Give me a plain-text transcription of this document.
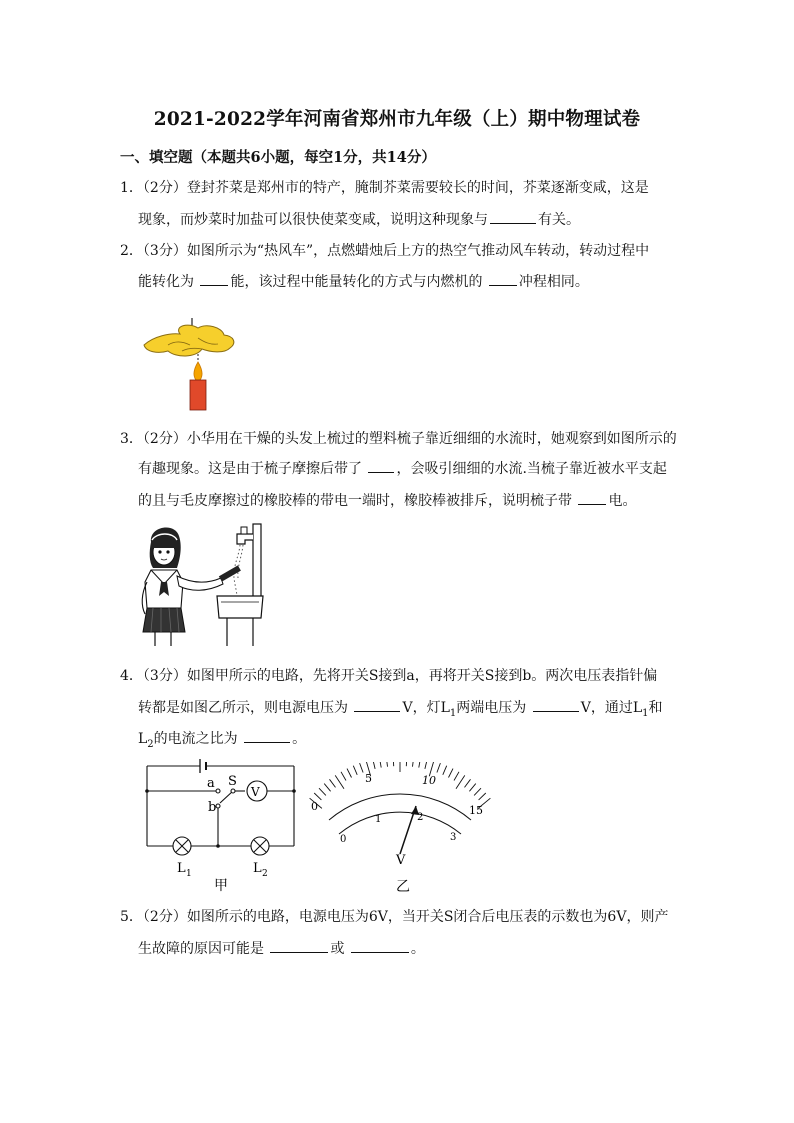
2021-2022学年河南省郑州市九年级（上）期中物理试卷
一、填空题（本题共6小题，每空1分，共14分）
1．（2分）登封芥菜是郑州市的特产，腌制芥菜需要较长的时间，芥菜逐渐变咸，这是
现象，而炒菜时加盐可以很快使菜变咸，说明这种现象与	有关。
2．（3分）如图所示为“热风车”，点燃蜡烛后上方的热空气推动风车转动，转动过程中
能转化为	能，该过程中能量转化的方式与内燃机的	冲程相同。
3．（2分）小华用在干燥的头发上梳过的塑料梳子靠近细细的水流时，她观察到如图所示的
有趣现象。这是由于梳子摩擦后带了 ，会吸引细细的水流.当梳子靠近被水平支起
的且与毛皮摩擦过的橡胶棒的带电一端时，橡胶棒被排斥，说明梳子带	电。
4．（3分）如图甲所示的电路，先将开关S接到a，再将开关S接到b。两次电压表指针偏
转都是如图乙所示，则电源电压为	V，灯$L_1$两端电压为	V，通过$L_1$和
$L_2$的电流之比为	。
a S
V
b
L 1	L 2
甲
0
5	10
15
0
1	2
3
V
乙
5．（2分）如图所示的电路，电源电压为6V，当开关S闭合后电压表的示数也为6V，则产
生故障的原因可能是	或	。
